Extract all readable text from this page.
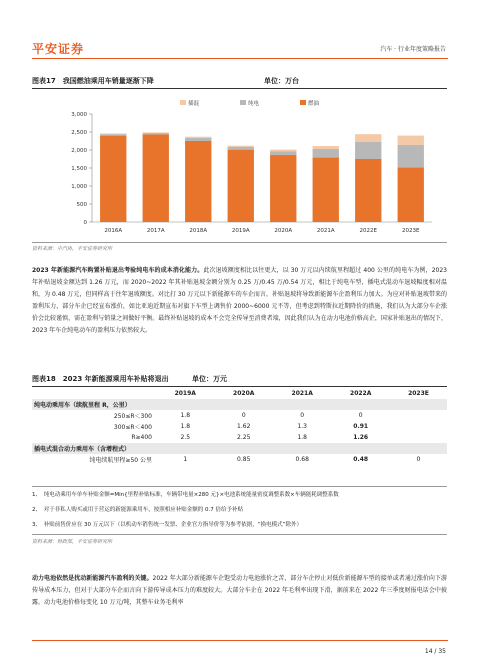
平安证券	汽车 · 行业年度策略报告
图表17　我国燃油乘用车销量逐渐下降	单位：万台
0
500
1,000
1,500
2,000
2,500
3,000
2016A	2017A	2018A	2019A	2020A	2021A	2022E	2023E
插混	纯电	燃油
资料来源：中汽协，平安证券研究所
2023 年新能源汽车购置补贴退出考验纯电车的成本消化能力。此次退坡额度相比以往更大，以 30 万元以内续航里程超过 400 公里的纯电车为例，2023 年补贴退坡金额达到 1.26 万元，而 2020~2022 年其补贴退坡金额分别为 0.25 万/0.45 万/0.54 万元，相比于纯电车型，插电式混动车退坡幅度相对温和，为 0.48 万元，但同样高于往年退坡额度。对比打 30 万元以下新能源车的车企而言，补贴退坡将导致新能源车企盈利压力加大。为应对补贴退坡带来的盈利压力，部分车企已经宣布涨价，如比亚迪近期宣布对旗下车型上调售价 2000~6000 元不等，但考虑到特斯拉近期降价的措施，我们认为大部分车企涨价会比较谨慎，需在盈利与销量之间做好平衡。最终补贴退坡的成本不会完全传导至消费者端，因此我们认为在动力电池价格高企，国家补贴退出的情况下，2023 年车企纯电动车的盈利压力依然较大。
图表18　2023 年新能源乘用车补贴将退出	单位：万元
	2019A	2020A	2021A	2022A	2023E
纯电动乘用车（续航里程 R，公里）					
250≤R＜300	1.8	0	0	0	
300≤R＜400	1.8	1.62	1.3	0.91	
R≥400	2.5	2.25	1.8	1.26	
插电式混合动力乘用车（含增程式）					
纯电续航里程≥50 公里	1	0.85	0.68	0.48	0
1、　纯电动乘用车单车补贴金额=Min{里程补贴标准，车辆带电量×280 元}×电池系统能量密度调整系数×车辆能耗调整系数
2、　对于非私人购买或用于营运的新能源乘用车，按照相应补贴金额的 0.7 倍给予补贴
3、　补贴前售价应在 30 万元以下（以机动车销售统一发票、企业官方指导价等为参考依据，“换电模式”除外）
资料来源：财政部，平安证券研究所
动力电池依然是扰动新能源汽车盈利的关键。2022 年大部分新能源车企饱受动力电池涨价之苦，部分车企停止对低价新能源车型的接单或者通过涨价向下游传导成本压力，但对于大部分车企而言向下游传导成本压力的难度较大。大部分车企在 2022 年毛利率出现下滑，据前来在 2022 年三季度财报电话会中披露，动力电池价格每变化 10 万元/吨，其整车业务毛利率
14 / 35
